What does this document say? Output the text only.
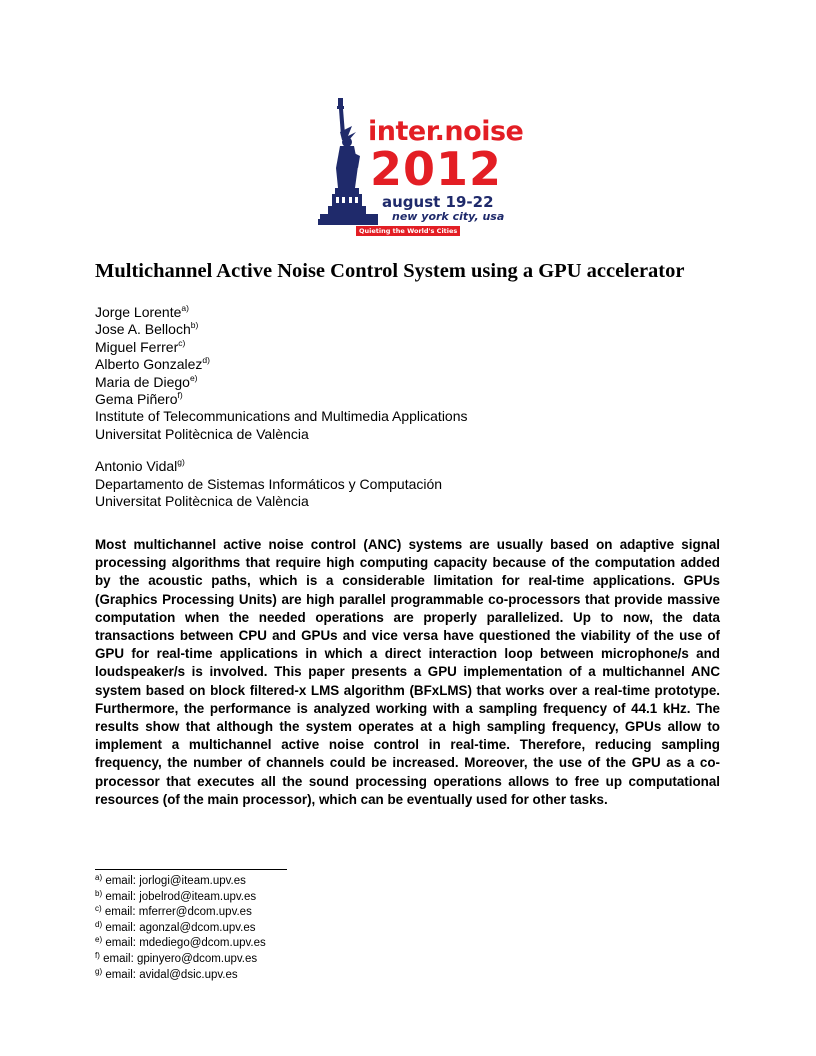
inter.noise
2012
august 19-22
new york city, usa
Quieting the World's Cities
Multichannel Active Noise Control System using a GPU accelerator
Jorge Lorente$^{a)}$
Jose A. Belloch$^{b)}$
Miguel Ferrer$^{c)}$
Alberto Gonzalez$^{d)}$
Maria de Diego$^{e)}$
Gema Piñero$^{f)}$
Institute of Telecommunications and Multimedia Applications
Universitat Politècnica de València
Antonio Vidal$^{g)}$
Departamento de Sistemas Informáticos y Computación
Universitat Politècnica de València

Most multichannel active noise control (ANC) systems are usually based on adaptive signal processing algorithms that require high computing capacity because of the computation added by the acoustic paths, which is a considerable limitation for real-time applications. GPUs (Graphics Processing Units) are high parallel programmable co-processors that provide massive computation when the needed operations are properly parallelized. Up to now, the data transactions between CPU and GPUs and vice versa have questioned the viability of the use of GPU for real-time applications in which a direct interaction loop between microphone/s and loudspeaker/s is involved. This paper presents a GPU implementation of a multichannel ANC system based on block filtered-x LMS algorithm (BFxLMS) that works over a real-time prototype. Furthermore, the performance is analyzed working with a sampling frequency of 44.1 kHz. The results show that although the system operates at a high sampling frequency, GPUs allow to implement a multichannel active noise control in real-time. Therefore, reducing sampling frequency, the number of channels could be increased. Moreover, the use of the GPU as a co-processor that executes all the sound processing operations allows to free up computational resources (of the main processor), which can be eventually used for other tasks.

$^{a)}$ email: jorlogi@iteam.upv.es
$^{b)}$ email: jobelrod@iteam.upv.es
$^{c)}$ email: mferrer@dcom.upv.es
$^{d)}$ email: agonzal@dcom.upv.es
$^{e)}$ email: mdediego@dcom.upv.es
$^{f)}$ email: gpinyero@dcom.upv.es
$^{g)}$ email: avidal@dsic.upv.es
